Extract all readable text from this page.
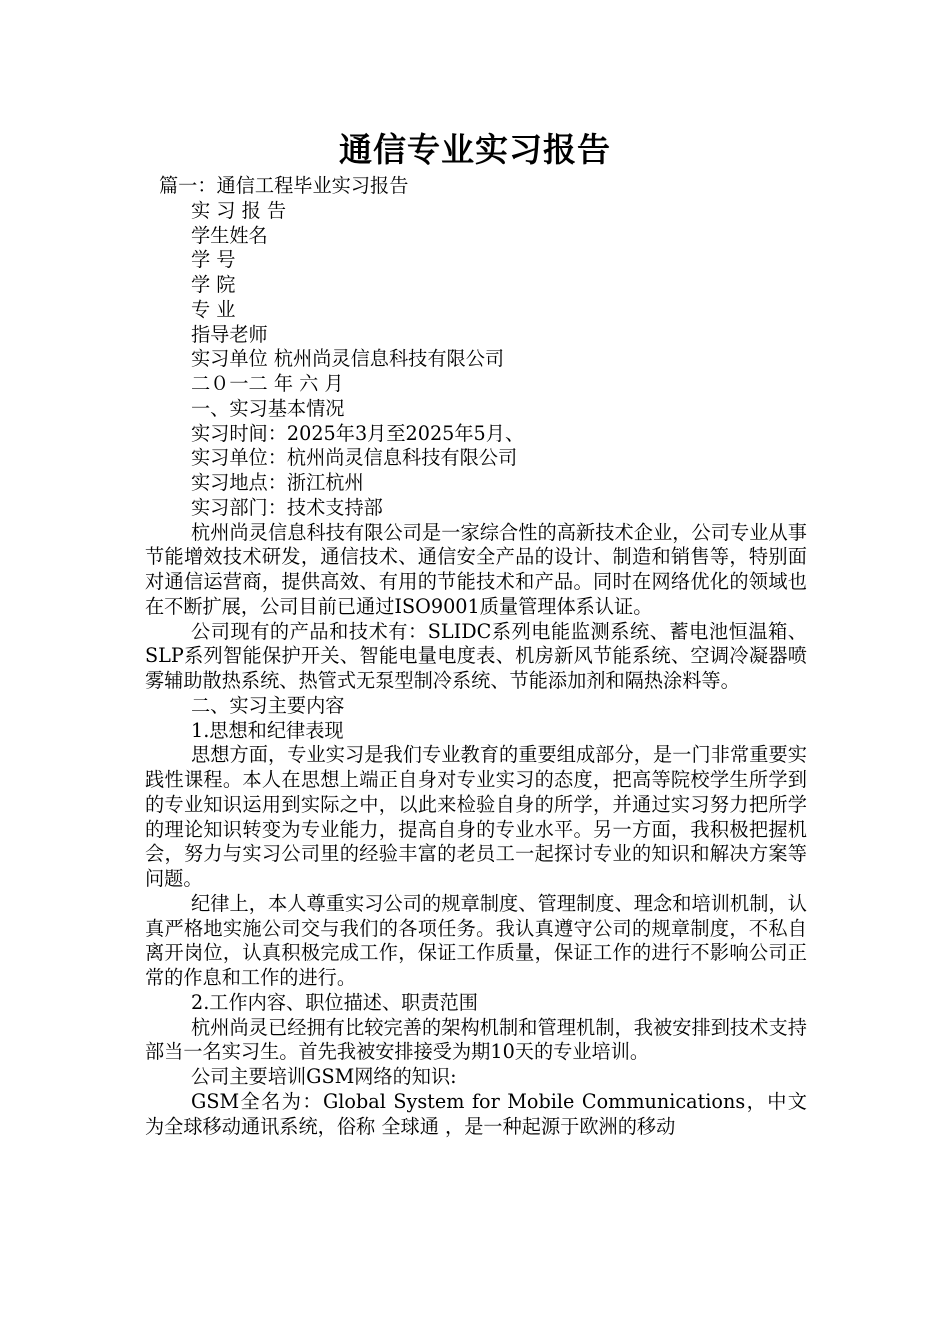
通信专业实习报告
篇一：通信工程毕业实习报告
实 习 报 告
学生姓名
学 号
学 院
专 业
指导老师
实习单位 杭州尚灵信息科技有限公司
二０一二 年 六 月
一、实习基本情况
实习时间：2025年3月至2025年5月、
实习单位：杭州尚灵信息科技有限公司
实习地点：浙江杭州
实习部门：技术支持部
杭州尚灵信息科技有限公司是一家综合性的高新技术企业，公司专业从事节能增效技术研发，通信技术、通信安全产品的设计、制造和销售等，特别面对通信运营商，提供高效、有用的节能技术和产品。同时在网络优化的领域也在不断扩展，公司目前已通过ISO9001质量管理体系认证。
公司现有的产品和技术有：SLIDC系列电能监测系统、蓄电池恒温箱、SLP系列智能保护开关、智能电量电度表、机房新风节能系统、空调冷凝器喷雾辅助散热系统、热管式无泵型制冷系统、节能添加剂和隔热涂料等。
二、实习主要内容
1.思想和纪律表现
思想方面，专业实习是我们专业教育的重要组成部分，是一门非常重要实践性课程。本人在思想上端正自身对专业实习的态度，把高等院校学生所学到的专业知识运用到实际之中，以此来检验自身的所学，并通过实习努力把所学的理论知识转变为专业能力，提高自身的专业水平。另一方面，我积极把握机会，努力与实习公司里的经验丰富的老员工一起探讨专业的知识和解决方案等问题。
纪律上，本人尊重实习公司的规章制度、管理制度、理念和培训机制，认真严格地实施公司交与我们的各项任务。我认真遵守公司的规章制度，不私自离开岗位，认真积极完成工作，保证工作质量，保证工作的进行不影响公司正常的作息和工作的进行。
2.工作内容、职位描述、职责范围
杭州尚灵已经拥有比较完善的架构机制和管理机制，我被安排到技术支持部当一名实习生。首先我被安排接受为期10天的专业培训。
公司主要培训GSM网络的知识:
GSM全名为：Global System for Mobile Communications，中文为全球移动通讯系统，俗称 全球通 ，是一种起源于欧洲的移动
